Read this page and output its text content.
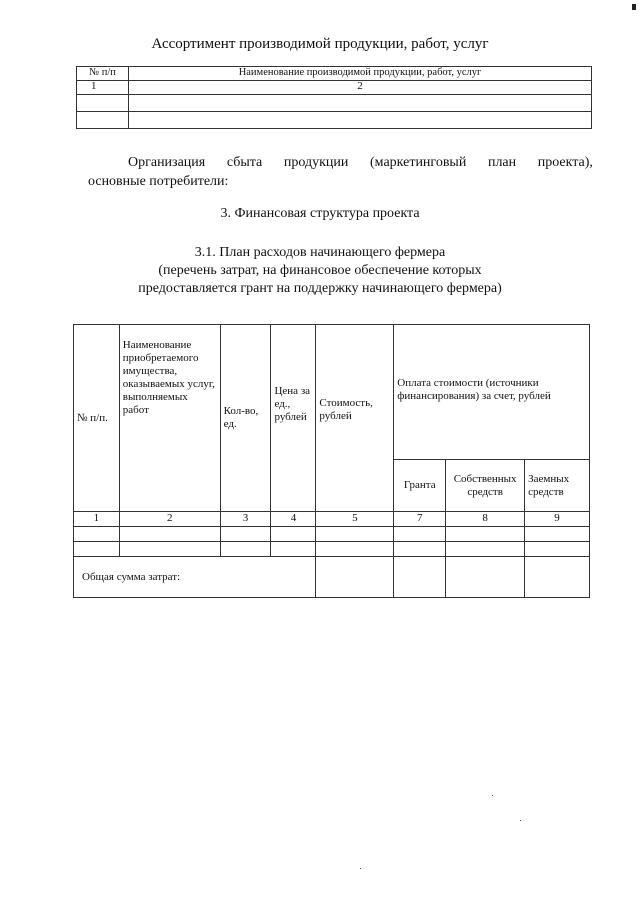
Ассортимент производимой продукции, работ, услуг
№ п/п	Наименование производимой продукции, работ, услуг
1	2

Организация сбыта продукции (маркетинговый план проекта),
основные потребители:
3. Финансовая структура проекта
3.1. План расходов начинающего фермера
(перечень затрат, на финансовое обеспечение которых
предоставляется грант на поддержку начинающего фермера)
№ п/п.	Наименование приобретаемого имущества, оказываемых услуг, выполняемых работ	Кол-во, ед.	Цена за ед., рублей	Стоимость, рублей	Оплата стоимости (источники финансирования) за счет, рублей		
					Гранта	Собственных средств	Заемных средств
1	2	3	4	5	7	8	9

Общая сумма затрат:							
